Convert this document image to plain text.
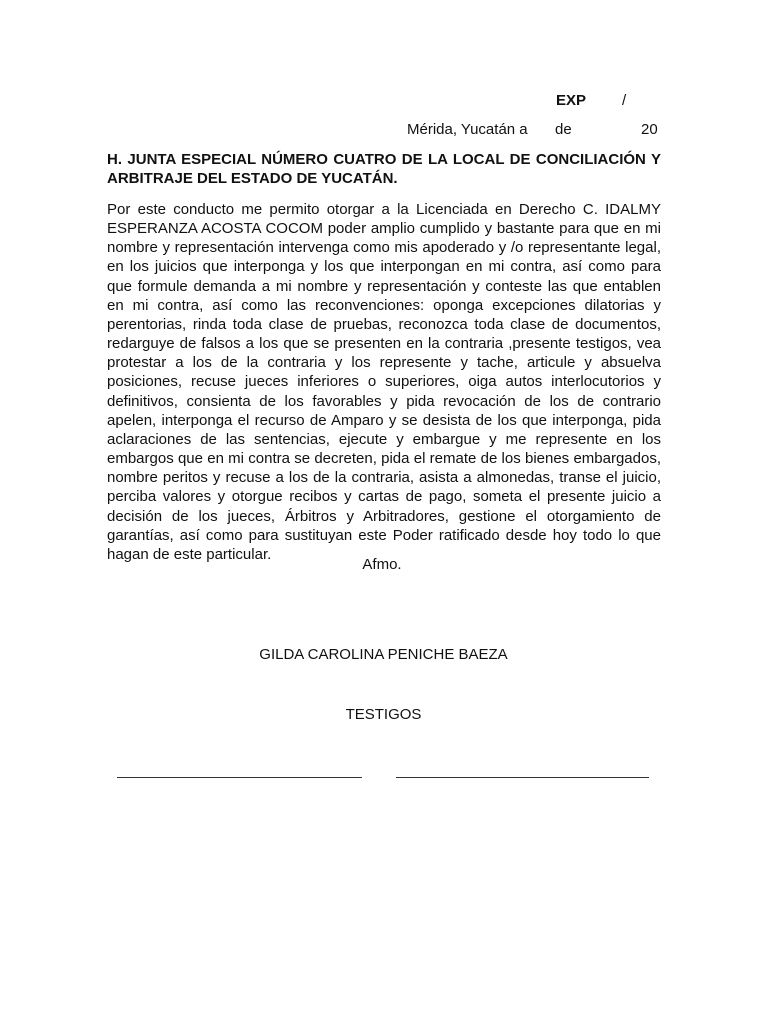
EXP /
Mérida, Yucatán a de	20
H. JUNTA ESPECIAL NÚMERO CUATRO DE LA LOCAL DE CONCILIACIÓN Y ARBITRAJE DEL ESTADO DE YUCATÁN.
Por este conducto me permito otorgar a la Licenciada en Derecho C. IDALMY ESPERANZA ACOSTA COCOM poder amplio cumplido y bastante para que en mi nombre y representación intervenga como mis apoderado y /o representante legal, en los juicios que interponga y los que interpongan en mi contra, así como para que formule demanda a mi nombre y representación y conteste las que entablen en mi contra, así como las reconvenciones: oponga excepciones dilatorias y perentorias, rinda toda clase de pruebas, reconozca toda clase de documentos, redarguye de falsos a los que se presenten en la contraria ,presente testigos, vea protestar a los de la contraria y los represente y tache, articule y absuelva posiciones, recuse jueces inferiores o superiores, oiga autos interlocutorios y definitivos, consienta de los favorables y pida revocación de los de contrario apelen, interponga el recurso de Amparo y se desista de los que interponga, pida aclaraciones de las sentencias, ejecute y embargue y me represente en los embargos que en mi contra se decreten, pida el remate de los bienes embargados, nombre peritos y recuse a los de la contraria, asista a almonedas, transe el juicio, perciba valores y otorgue recibos y cartas de pago, someta el presente juicio a decisión de los jueces, Árbitros y Arbitradores, gestione el otorgamiento de garantías, así como para sustituyan este Poder ratificado desde hoy todo lo que hagan de este particular.
Afmo.
GILDA CAROLINA PENICHE BAEZA
TESTIGOS
